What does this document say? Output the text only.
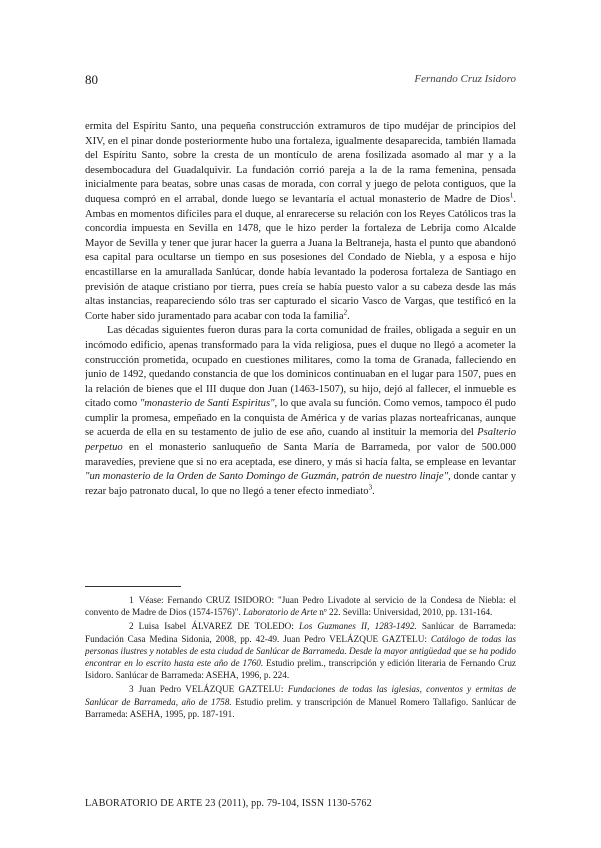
80	Fernando Cruz Isidoro

ermita del Espíritu Santo, una pequeña construcción extramuros de tipo mudéjar de principios del XIV, en el pinar donde posteriormente hubo una fortaleza, igualmente desaparecida, también llamada del Espíritu Santo, sobre la cresta de un montículo de arena fosilizada asomado al mar y a la desembocadura del Guadalquivir. La fundación corrió pareja a la de la rama femenina, pensada inicialmente para beatas, sobre unas casas de morada, con corral y juego de pelota contiguos, que la duquesa compró en el arrabal, donde luego se levantaría el actual monasterio de Madre de Dios$^1$. Ambas en momentos difíciles para el duque, al enrarecerse su relación con los Reyes Católicos tras la concordia impuesta en Sevilla en 1478, que le hizo perder la fortaleza de Lebrija como Alcalde Mayor de Sevilla y tener que jurar hacer la guerra a Juana la Beltraneja, hasta el punto que abandonó esa capital para ocultarse un tiempo en sus posesiones del Condado de Niebla, y a esposa e hijo encastillarse en la amurallada Sanlúcar, donde había levantado la poderosa fortaleza de Santiago en previsión de ataque cristiano por tierra, pues creía se había puesto valor a su cabeza desde las más altas instancias, reapareciendo sólo tras ser capturado el sicario Vasco de Vargas, que testificó en la Corte haber sido juramentado para acabar con toda la familia$^2$.

Las décadas siguientes fueron duras para la corta comunidad de frailes, obligada a seguir en un incómodo edificio, apenas transformado para la vida religiosa, pues el duque no llegó a acometer la construcción prometida, ocupado en cuestiones militares, como la toma de Granada, falleciendo en junio de 1492, quedando constancia de que los dominicos continuaban en el lugar para 1507, pues en la relación de bienes que el III duque don Juan (1463-1507), su hijo, dejó al fallecer, el inmueble es citado como "monasterio de Santi Espiritus", lo que avala su función. Como vemos, tampoco él pudo cumplir la promesa, empeñado en la conquista de América y de varias plazas norteafricanas, aunque se acuerda de ella en su testamento de julio de ese año, cuando al instituir la memoria del Psalterio perpetuo en el monasterio sanluqueño de Santa María de Barrameda, por valor de 500.000 maravedíes, previene que si no era aceptada, ese dinero, y más si hacía falta, se emplease en levantar "un monasterio de la Orden de Santo Domingo de Guzmán, patrón de nuestro linaje", donde cantar y rezar bajo patronato ducal, lo que no llegó a tener efecto inmediato$^3$.

1 Véase: Fernando CRUZ ISIDORO: "Juan Pedro Livadote al servicio de la Condesa de Niebla: el convento de Madre de Dios (1574-1576)". Laboratorio de Arte nº 22. Sevilla: Universidad, 2010, pp. 131-164.

2 Luisa Isabel ÁLVAREZ DE TOLEDO: Los Guzmanes II, 1283-1492. Sanlúcar de Barrameda: Fundación Casa Medina Sidonia, 2008, pp. 42-49. Juan Pedro VELÁZQUE GAZTELU: Catálogo de todas las personas ilustres y notables de esta ciudad de Sanlúcar de Barrameda. Desde la mayor antigüedad que se ha podido encontrar en lo escrito hasta este año de 1760. Estudio prelim., transcripción y edición literaria de Fernando Cruz Isidoro. Sanlúcar de Barrameda: ASEHA, 1996, p. 224.

3 Juan Pedro VELÁZQUE GAZTELU: Fundaciones de todas las iglesias, conventos y ermitas de Sanlúcar de Barrameda, año de 1758. Estudio prelim. y transcripción de Manuel Romero Tallafigo. Sanlúcar de Barrameda: ASEHA, 1995, pp. 187-191.

LABORATORIO DE ARTE 23 (2011), pp. 79-104, ISSN 1130-5762
